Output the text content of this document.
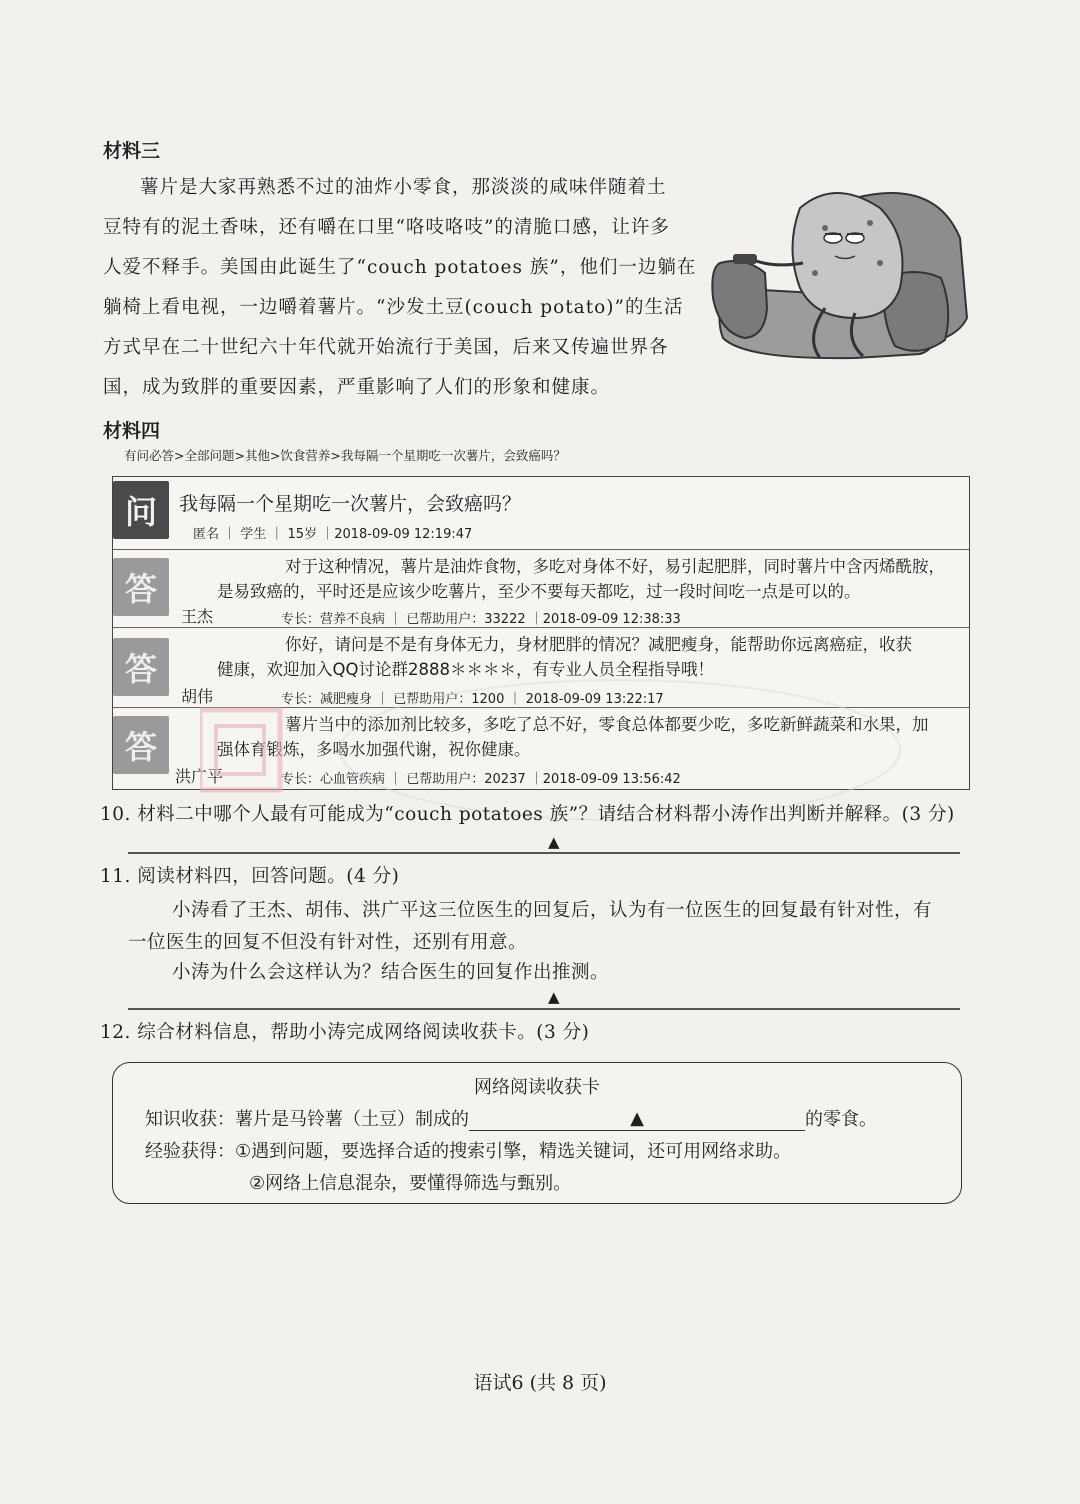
材料三

薯片是大家再熟悉不过的油炸小零食，那淡淡的咸味伴随着土

豆特有的泥土香味，还有嚼在口里“咯吱咯吱”的清脆口感，让许多

人爱不释手。美国由此诞生了“couch potatoes 族”，他们一边躺在

躺椅上看电视，一边嚼着薯片。“沙发土豆(couch potato)”的生活

方式早在二十世纪六十年代就开始流行于美国，后来又传遍世界各

国，成为致胖的重要因素，严重影响了人们的形象和健康。

材料四
有问必答>全部问题>其他>饮食营养>我每隔一个星期吃一次薯片，会致癌吗？
问	我每隔一个星期吃一次薯片，会致癌吗？
匿名 ｜ 学生 ｜ 15岁 ｜2018-09-09 12:19:47
答
对于这种情况，薯片是油炸食物，多吃对身体不好，易引起肥胖，同时薯片中含丙烯酰胺，
是易致癌的，平时还是应该少吃薯片，至少不要每天都吃，过一段时间吃一点是可以的。
王杰	专长：营养不良病 ｜ 已帮助用户：33222 ｜2018-09-09 12:38:33
答
你好，请问是不是有身体无力，身材肥胖的情况？减肥瘦身，能帮助你远离癌症，收获
健康，欢迎加入QQ讨论群2888＊＊＊＊，有专业人员全程指导哦！
胡伟	专长：减肥瘦身 ｜ 已帮助用户：1200 ｜ 2018-09-09 13:22:17
答
薯片当中的添加剂比较多，多吃了总不好，零食总体都要少吃，多吃新鲜蔬菜和水果，加
强体育锻炼，多喝水加强代谢，祝你健康。
洪广平	专长：心血管疾病 ｜ 已帮助用户：20237 ｜2018-09-09 13:56:42
10. 材料二中哪个人最有可能成为“couch potatoes 族”？请结合材料帮小涛作出判断并解释。(3 分)
▲
11. 阅读材料四，回答问题。(4 分)
小涛看了王杰、胡伟、洪广平这三位医生的回复后，认为有一位医生的回复最有针对性，有
一位医生的回复不但没有针对性，还别有用意。
小涛为什么会这样认为？结合医生的回复作出推测。
▲
12. 综合材料信息，帮助小涛完成网络阅读收获卡。(3 分)
网络阅读收获卡
知识收获：薯片是马铃薯（土豆）制成的	▲	的零食。
经验获得：①遇到问题，要选择合适的搜索引擎，精选关键词，还可用网络求助。
②网络上信息混杂，要懂得筛选与甄别。
语试6 (共 8 页)
